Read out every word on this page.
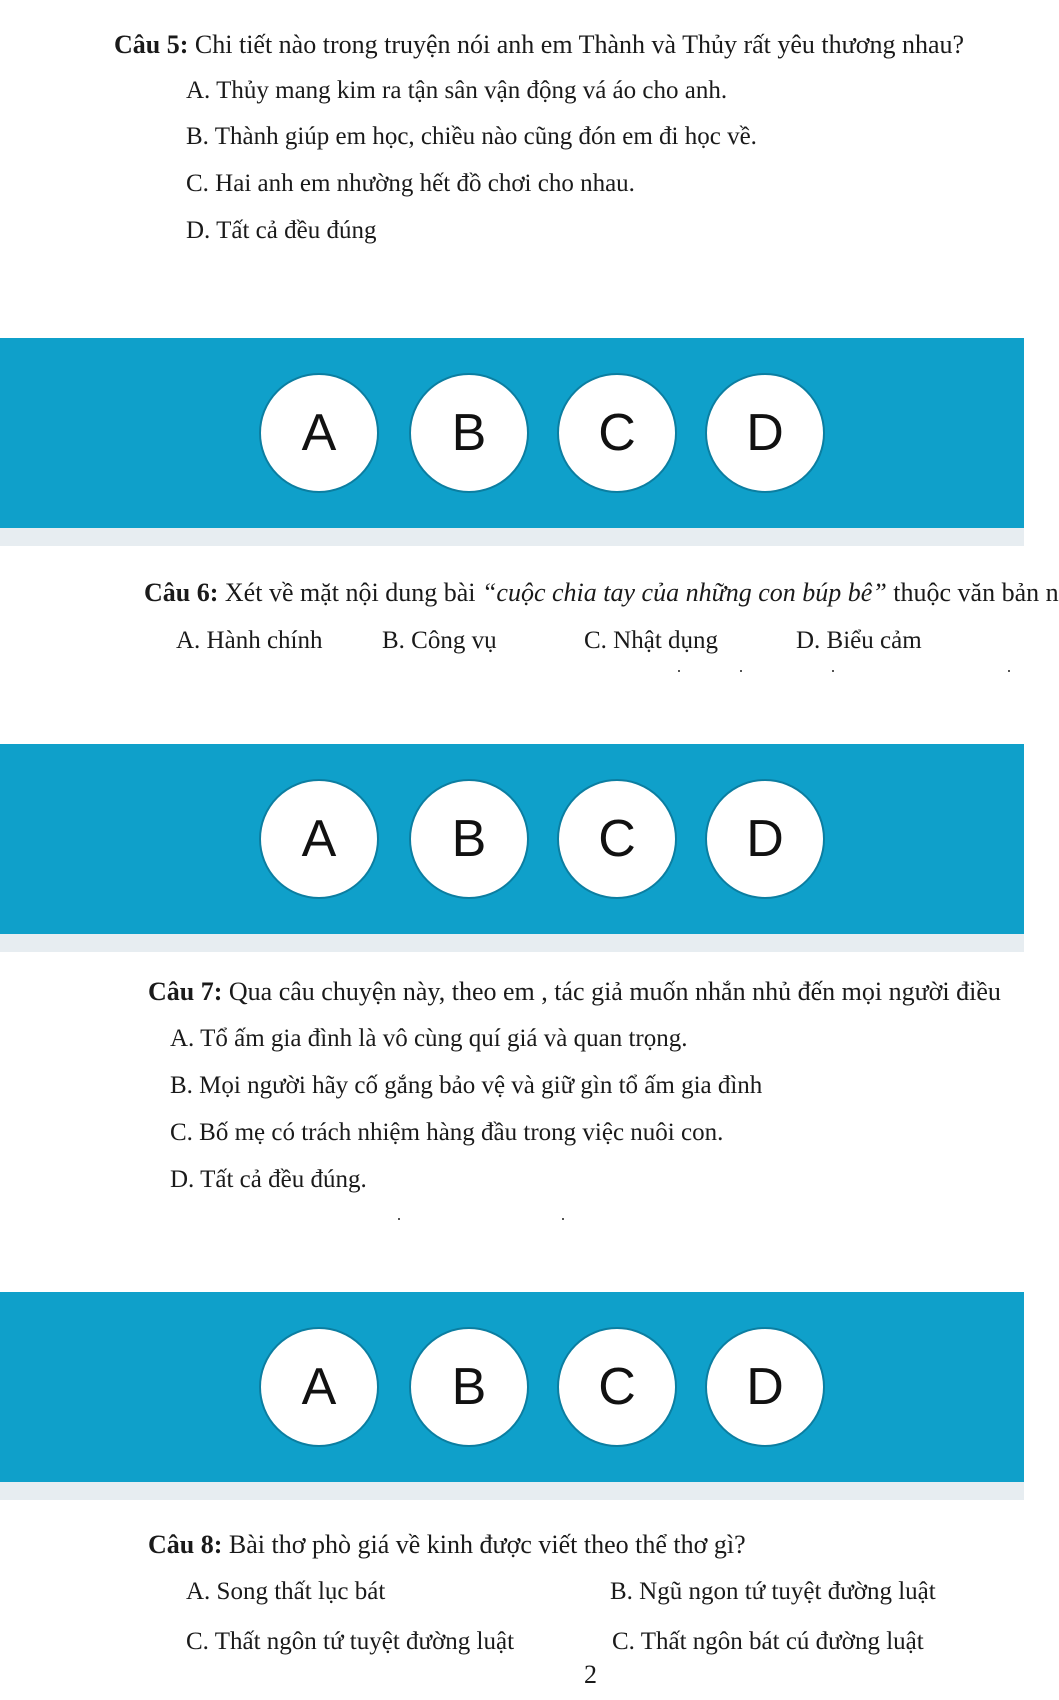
Câu 5: Chi tiết nào trong truyện nói anh em Thành và Thủy rất yêu thương nhau?
A. Thủy mang kim ra tận sân vận động vá áo cho anh.
B. Thành giúp em học, chiều nào cũng đón em đi học về.
C. Hai anh em nhường hết đồ chơi cho nhau.
D. Tất cả đều đúng
A	B	C	D
Câu 6: Xét về mặt nội dung bài “cuộc chia tay của những con búp bê” thuộc văn bản n
A. Hành chính B. Công vụ	C. Nhật dụng	D. Biểu cảm
A	B	C	D
Câu 7: Qua câu chuyện này, theo em , tác giả muốn nhắn nhủ đến mọi người điều
A. Tổ ấm gia đình là vô cùng quí giá và quan trọng.
B. Mọi người hãy cố gắng bảo vệ và giữ gìn tổ ấm gia đình
C. Bố mẹ có trách nhiệm hàng đầu trong việc nuôi con.
D. Tất cả đều đúng.
A	B	C	D
Câu 8: Bài thơ phò giá về kinh được viết theo thể thơ gì?
A. Song thất lục bát	B. Ngũ ngon tứ tuyệt đường luật
C. Thất ngôn tứ tuyệt đường luật	C. Thất ngôn bát cú đường luật
2
